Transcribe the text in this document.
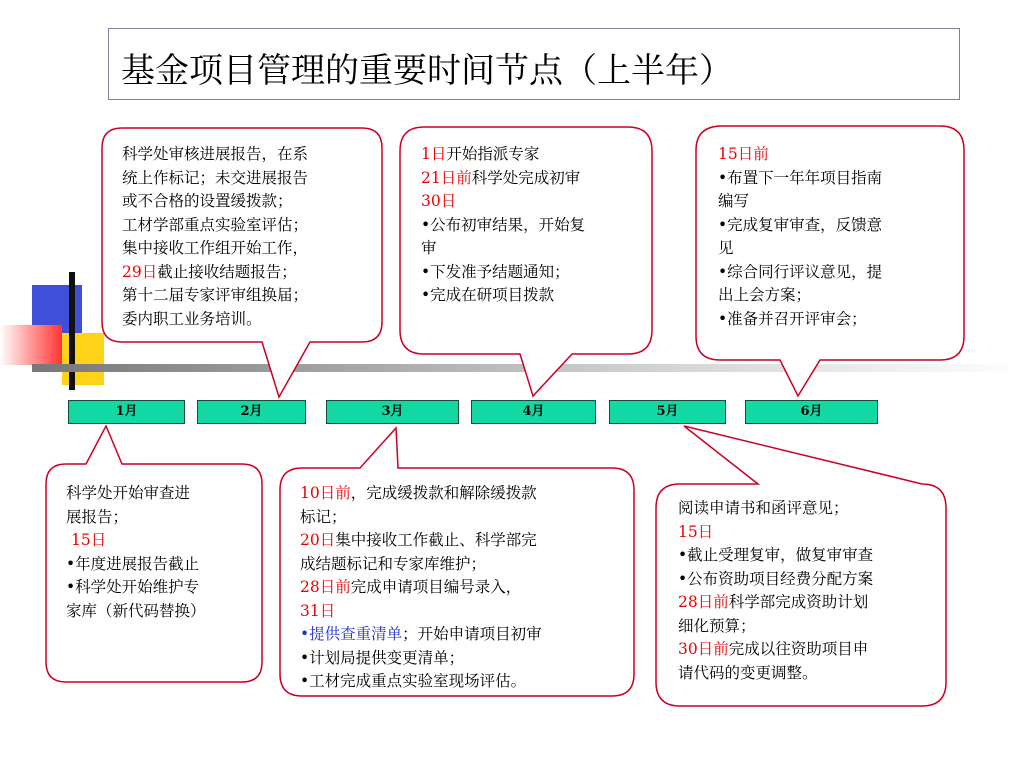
基金项目管理的重要时间节点（上半年）
1月	2月	3月	4月	5月	6月
科学处审核进展报告，在系
统上作标记；未交进展报告
或不合格的设置缓拨款；
工材学部重点实验室评估；
集中接收工作组开始工作，
29日截止接收结题报告；
第十二届专家评审组换届；
委内职工业务培训。
1日开始指派专家
21日前科学处完成初审
30日
•公布初审结果，开始复
审
•下发准予结题通知；
•完成在研项目拨款
15日前
•布置下一年年项目指南
编写
•完成复审审查，反馈意
见
•综合同行评议意见，提
出上会方案；
•准备并召开评审会；
科学处开始审查进
展报告；
15日
•年度进展报告截止
•科学处开始维护专
家库（新代码替换）
10日前，完成缓拨款和解除缓拨款
标记；
20日集中接收工作截止、科学部完
成结题标记和专家库维护；
28日前完成申请项目编号录入，
31日
•提供查重清单；开始申请项目初审
•计划局提供变更清单；
•工材完成重点实验室现场评估。
阅读申请书和函评意见；
15日
•截止受理复审，做复审审查
•公布资助项目经费分配方案
28日前科学部完成资助计划
细化预算；
30日前完成以往资助项目申
请代码的变更调整。
